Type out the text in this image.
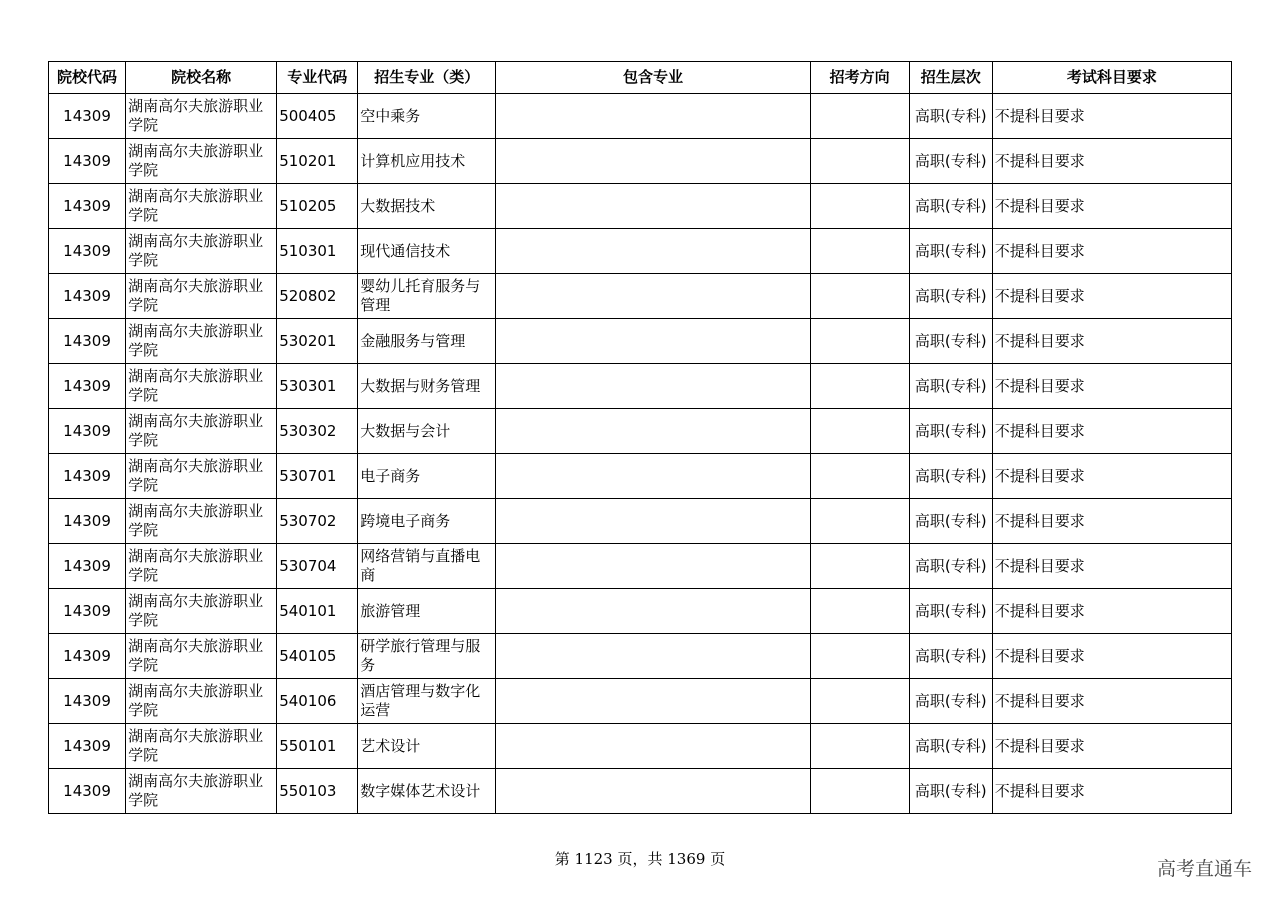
院校代码	院校名称	专业代码	招生专业（类）	包含专业	招考方向	招生层次	考试科目要求
14309	湖南高尔夫旅游职业学院	500405	空中乘务			高职(专科)	不提科目要求
14309	湖南高尔夫旅游职业学院	510201	计算机应用技术			高职(专科)	不提科目要求
14309	湖南高尔夫旅游职业学院	510205	大数据技术			高职(专科)	不提科目要求
14309	湖南高尔夫旅游职业学院	510301	现代通信技术			高职(专科)	不提科目要求
14309	湖南高尔夫旅游职业学院	520802	婴幼儿托育服务与管理			高职(专科)	不提科目要求
14309	湖南高尔夫旅游职业学院	530201	金融服务与管理			高职(专科)	不提科目要求
14309	湖南高尔夫旅游职业学院	530301	大数据与财务管理			高职(专科)	不提科目要求
14309	湖南高尔夫旅游职业学院	530302	大数据与会计			高职(专科)	不提科目要求
14309	湖南高尔夫旅游职业学院	530701	电子商务			高职(专科)	不提科目要求
14309	湖南高尔夫旅游职业学院	530702	跨境电子商务			高职(专科)	不提科目要求
14309	湖南高尔夫旅游职业学院	530704	网络营销与直播电商			高职(专科)	不提科目要求
14309	湖南高尔夫旅游职业学院	540101	旅游管理			高职(专科)	不提科目要求
14309	湖南高尔夫旅游职业学院	540105	研学旅行管理与服务			高职(专科)	不提科目要求
14309	湖南高尔夫旅游职业学院	540106	酒店管理与数字化运营			高职(专科)	不提科目要求
14309	湖南高尔夫旅游职业学院	550101	艺术设计			高职(专科)	不提科目要求
14309	湖南高尔夫旅游职业学院	550103	数字媒体艺术设计			高职(专科)	不提科目要求
第 1123 页，共 1369 页	高考直通车
